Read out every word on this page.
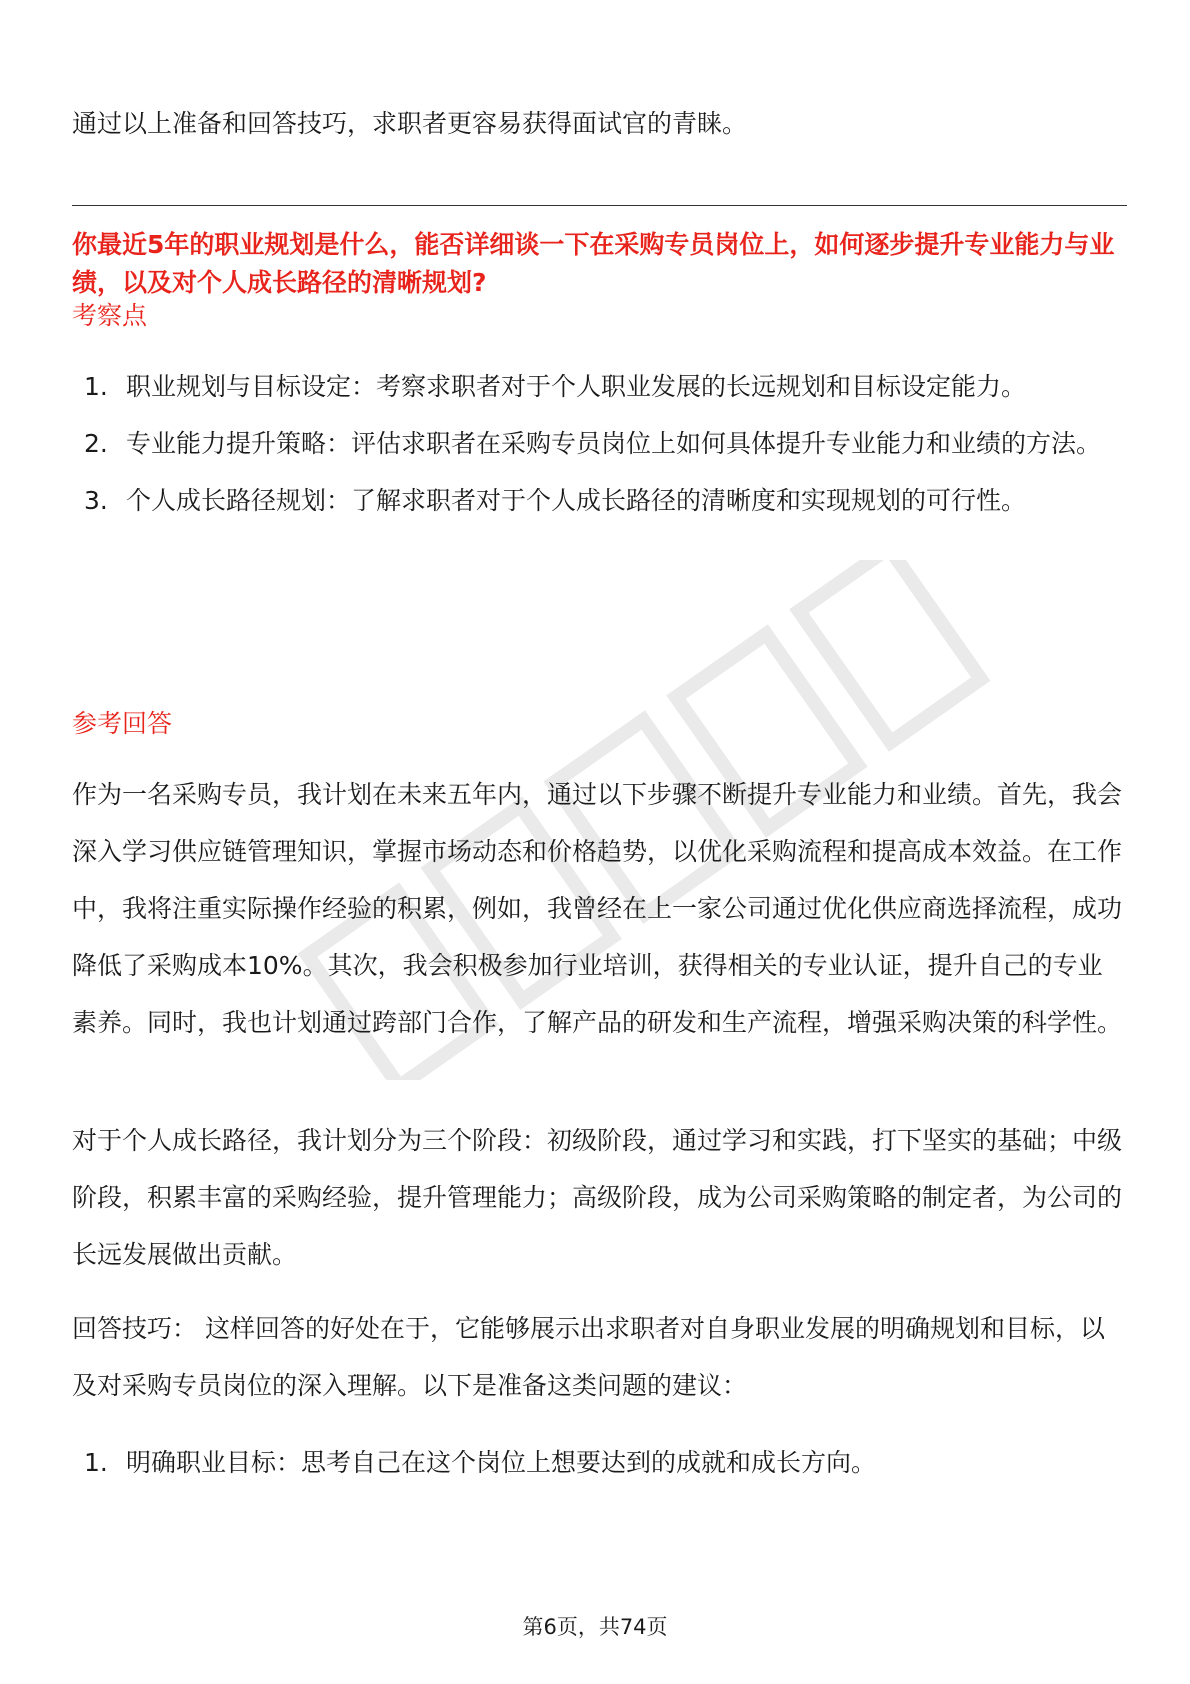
通过以上准备和回答技巧，求职者更容易获得面试官的青睐。

你最近5年的职业规划是什么，能否详细谈一下在采购专员岗位上，如何逐步提升专业能力与业绩，以及对个人成长路径的清晰规划?

考察点

1. 职业规划与目标设定：考察求职者对于个人职业发展的长远规划和目标设定能力。
2. 专业能力提升策略：评估求职者在采购专员岗位上如何具体提升专业能力和业绩的方法。
3. 个人成长路径规划：了解求职者对于个人成长路径的清晰度和实现规划的可行性。

参考回答

作为一名采购专员，我计划在未来五年内，通过以下步骤不断提升专业能力和业绩。首先，我会深入学习供应链管理知识，掌握市场动态和价格趋势，以优化采购流程和提高成本效益。在工作中，我将注重实际操作经验的积累，例如，我曾经在上一家公司通过优化供应商选择流程，成功降低了采购成本10%。其次，我会积极参加行业培训，获得相关的专业认证，提升自己的专业素养。同时，我也计划通过跨部门合作，了解产品的研发和生产流程，增强采购决策的科学性。

对于个人成长路径，我计划分为三个阶段：初级阶段，通过学习和实践，打下坚实的基础；中级阶段，积累丰富的采购经验，提升管理能力；高级阶段，成为公司采购策略的制定者，为公司的长远发展做出贡献。

回答技巧： 这样回答的好处在于，它能够展示出求职者对自身职业发展的明确规划和目标，以及对采购专员岗位的深入理解。以下是准备这类问题的建议：

1. 明确职业目标：思考自己在这个岗位上想要达到的成就和成长方向。
第6页，共74页
